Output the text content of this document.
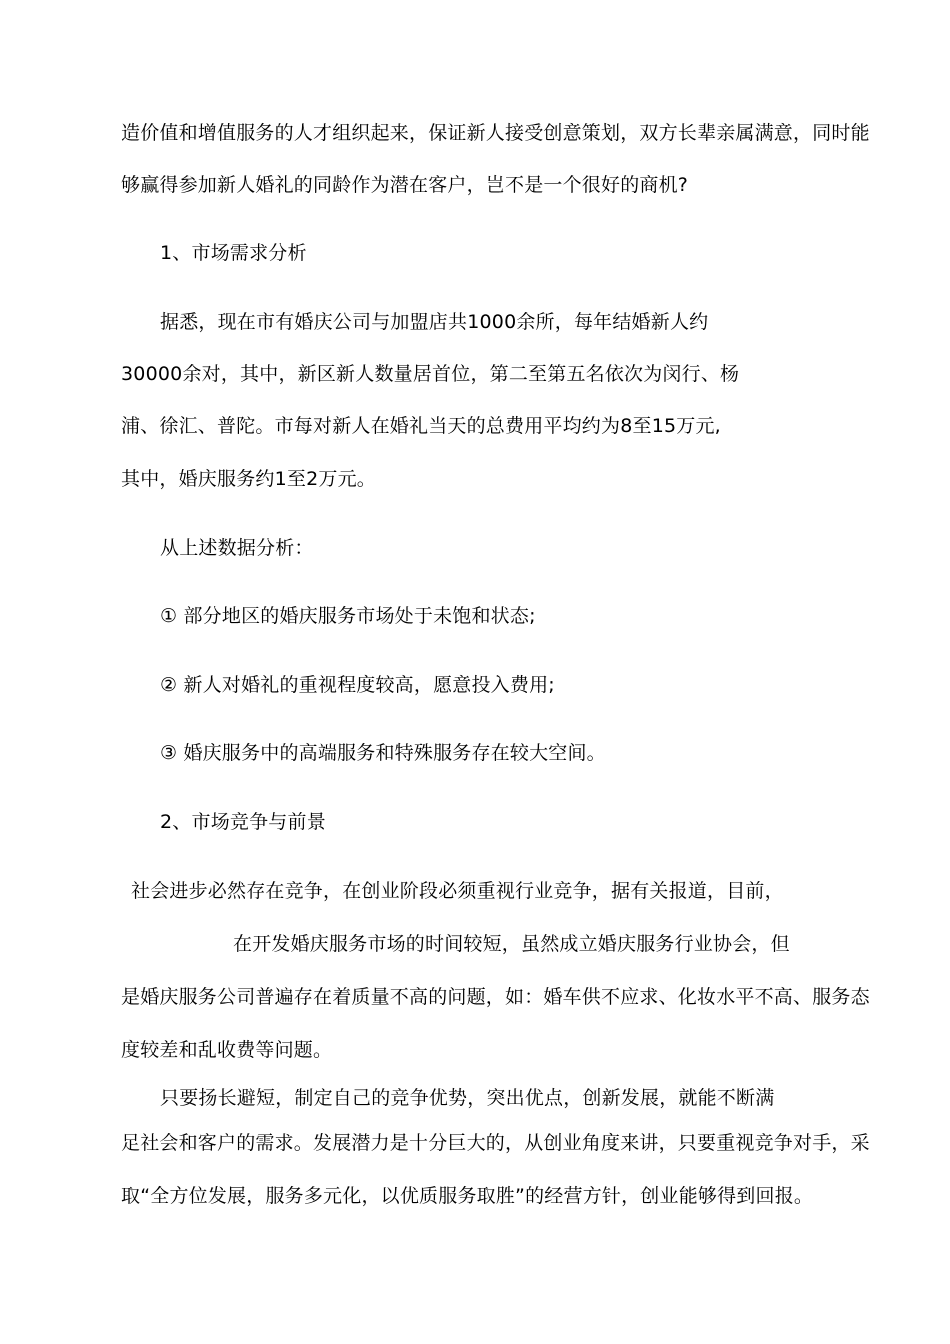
造价值和增值服务的人才组织起来，保证新人接受创意策划，双方长辈亲属满意，同时能
够赢得参加新人婚礼的同龄作为潜在客户，岂不是一个很好的商机?
1、市场需求分析
据悉，现在市有婚庆公司与加盟店共1000余所，每年结婚新人约
30000余对，其中，新区新人数量居首位，第二至第五名依次为闵行、杨
浦、徐汇、普陀。市每对新人在婚礼当天的总费用平均约为8至15万元,
其中，婚庆服务约1至2万元。
从上述数据分析：
① 部分地区的婚庆服务市场处于未饱和状态;
② 新人对婚礼的重视程度较高，愿意投入费用;
③ 婚庆服务中的高端服务和特殊服务存在较大空间。
2、市场竞争与前景
社会进步必然存在竞争，在创业阶段必须重视行业竞争，据有关报道，目前，
在开发婚庆服务市场的时间较短，虽然成立婚庆服务行业协会，但
是婚庆服务公司普遍存在着质量不高的问题，如：婚车供不应求、化妆水平不高、服务态
度较差和乱收费等问题。
只要扬长避短，制定自己的竞争优势，突出优点，创新发展，就能不断满
足社会和客户的需求。发展潜力是十分巨大的，从创业角度来讲，只要重视竞争对手，采
取“全方位发展，服务多元化，以优质服务取胜”的经营方针，创业能够得到回报。
